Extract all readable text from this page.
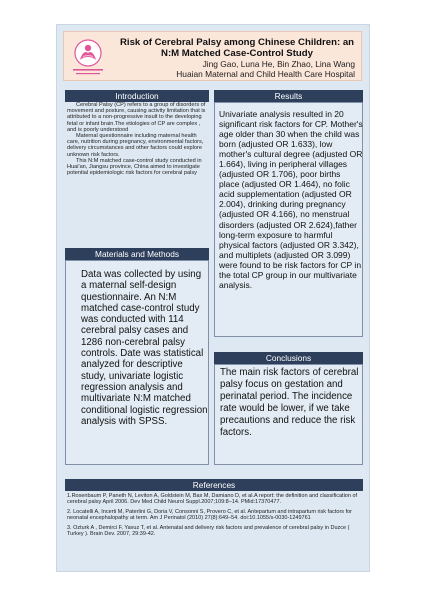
Risk of Cerebral Palsy among Chinese Children: an N:M Matched Case-Control Study
Jing Gao, Luna He, Bin Zhao, Lina Wang
Huaian Maternal and Child Health Care Hospital
Introduction

Cerebral Palsy (CP) refers to a group of disorders of movement and posture, causing activity limitation that is attributed to a non-progressive insult to the developing fetal or infant brain.The etiologies of CP are complex , and is poorly understood

Maternal questionnaire including maternal health care, nutrition during pregnancy, environmental factors, delivery circumstances and other factors could explore unknown risk factors.

This N:M matched case-control study conducted in Huai'an, Jiangsu province, China aimed to investigate potential epidemiologic risk factors for cerebral palsy

Materials and Methods
Data was collected by using a maternal self-design questionnaire. An N:M matched case-control study was conducted with 114 cerebral palsy cases and 1286 non-cerebral palsy controls. Date was statistical analyzed for descriptive study, univariate logistic regression analysis and multivariate N:M matched conditional logistic regression analysis with SPSS.
Results
Univariate analysis resulted in 20 significant risk factors for CP. Mother's age older than 30 when the child was born (adjusted OR 1.633), low mother's cultural degree (adjusted OR 1.664), living in peripheral villages (adjusted OR 1.706), poor births place (adjusted OR 1.464), no folic acid supplementation (adjusted OR 2.004), drinking during pregnancy (adjusted OR 4.166), no menstrual disorders (adjusted OR 2.624),father long-term exposure to harmful physical factors (adjusted OR 3.342), and multiplets (adjusted OR 3.099) were found to be risk factors for CP in the total CP group in our multivariate analysis.
Conclusions
The main risk factors of cerebral palsy focus on gestation and perinatal period. The incidence rate would be lower, if we take precautions and reduce the risk factors.
References

1.Rosenbaum P, Paneth N, Leviton A, Goldstein M, Bax M, Damiano D, et al.A report: the definition and classification of cerebral palsy April 2006. Dev Med Child Neurol Suppl.2007;109:8–14. PMid:17370477.

2. Locatelli A, Incerti M, Paterlini G, Doria V, Consonni S, Provero C, et al. Antepartum and intrapartum risk factors for neonatal encephalopathy at term. Am J Perinatol (2010) 27(8):649–54. doi:10.1055/s-0030-1249761

3. Ozturk A , Demirci F, Yavuz T, et al. Antenatal and delivery risk factors and prevalence of cerebral palsy in Duzce ( Turkey ). Brain Dev. 2007, 29:39-42.
